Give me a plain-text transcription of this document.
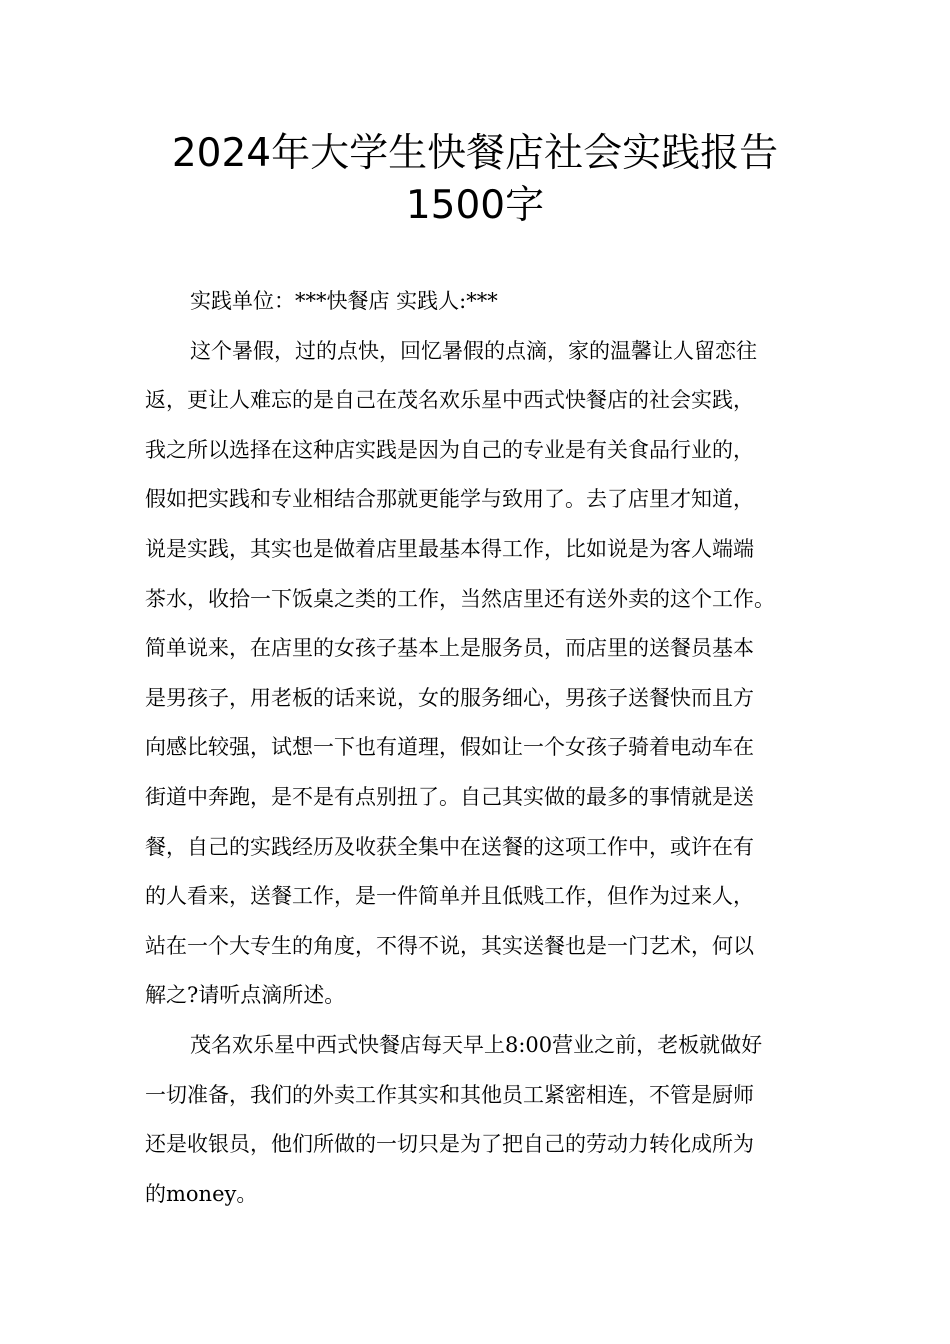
2024年大学生快餐店社会实践报告
1500字
实践单位：***快餐店 实践人:***
这个暑假，过的点快，回忆暑假的点滴，家的温馨让人留恋往
返，更让人难忘的是自己在茂名欢乐星中西式快餐店的社会实践，
我之所以选择在这种店实践是因为自己的专业是有关食品行业的，
假如把实践和专业相结合那就更能学与致用了。去了店里才知道，
说是实践，其实也是做着店里最基本得工作，比如说是为客人端端
茶水，收拾一下饭桌之类的工作，当然店里还有送外卖的这个工作。
简单说来，在店里的女孩子基本上是服务员，而店里的送餐员基本
是男孩子，用老板的话来说，女的服务细心，男孩子送餐快而且方
向感比较强，试想一下也有道理，假如让一个女孩子骑着电动车在
街道中奔跑，是不是有点别扭了。自己其实做的最多的事情就是送
餐，自己的实践经历及收获全集中在送餐的这项工作中，或许在有
的人看来，送餐工作，是一件简单并且低贱工作，但作为过来人，
站在一个大专生的角度，不得不说，其实送餐也是一门艺术，何以
解之?请听点滴所述。
茂名欢乐星中西式快餐店每天早上8:00营业之前，老板就做好
一切准备，我们的外卖工作其实和其他员工紧密相连，不管是厨师
还是收银员，他们所做的一切只是为了把自己的劳动力转化成所为
的money。
